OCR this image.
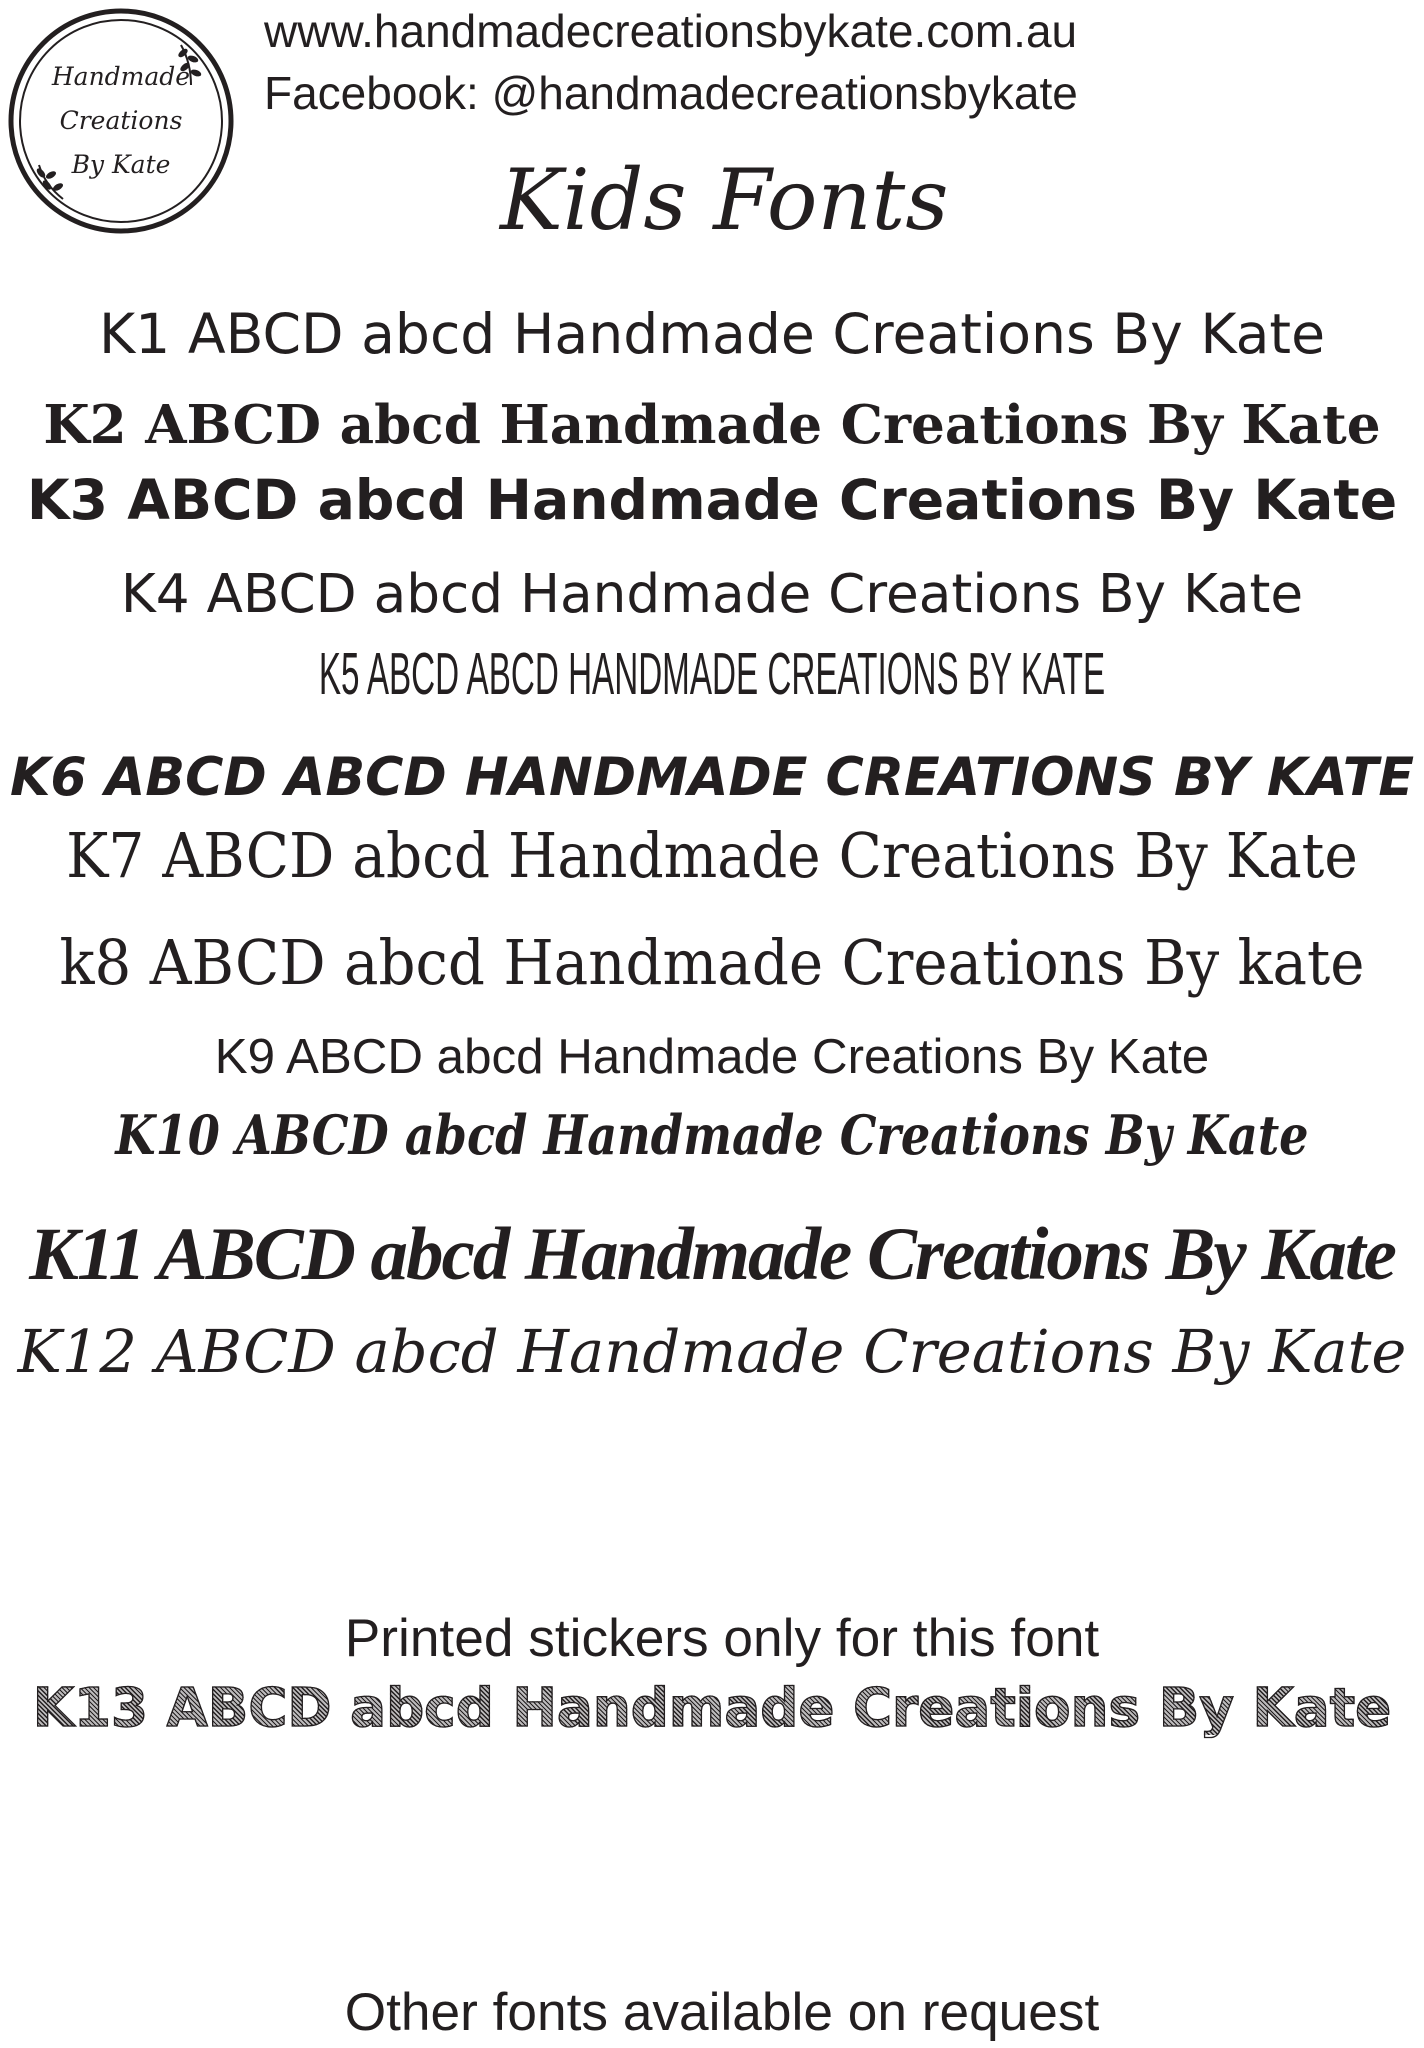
Handmade
Creations
By Kate
www.handmadecreationsbykate.com.au
Facebook: @handmadecreationsbykate
Kids Fonts
K1 ABCD abcd Handmade Creations By Kate
K2 ABCD abcd Handmade Creations By Kate
K3 ABCD abcd Handmade Creations By Kate
K4 ABCD abcd Handmade Creations By Kate
K5 ABCD ABCD HANDMADE CREATIONS BY KATE
K6 ABCD ABCD HANDMADE CREATIONS BY KATE
K7 ABCD abcd Handmade Creations By Kate
k8 ABCD abcd Handmade Creations By kate
K9 ABCD abcd Handmade Creations By Kate
K10 ABCD abcd Handmade Creations By Kate
K11 ABCD abcd Handmade Creations By Kate
K12 ABCD abcd Handmade Creations By Kate
Printed stickers only for this font
K13 ABCD abcd Handmade Creations By Kate
Other fonts available on request
